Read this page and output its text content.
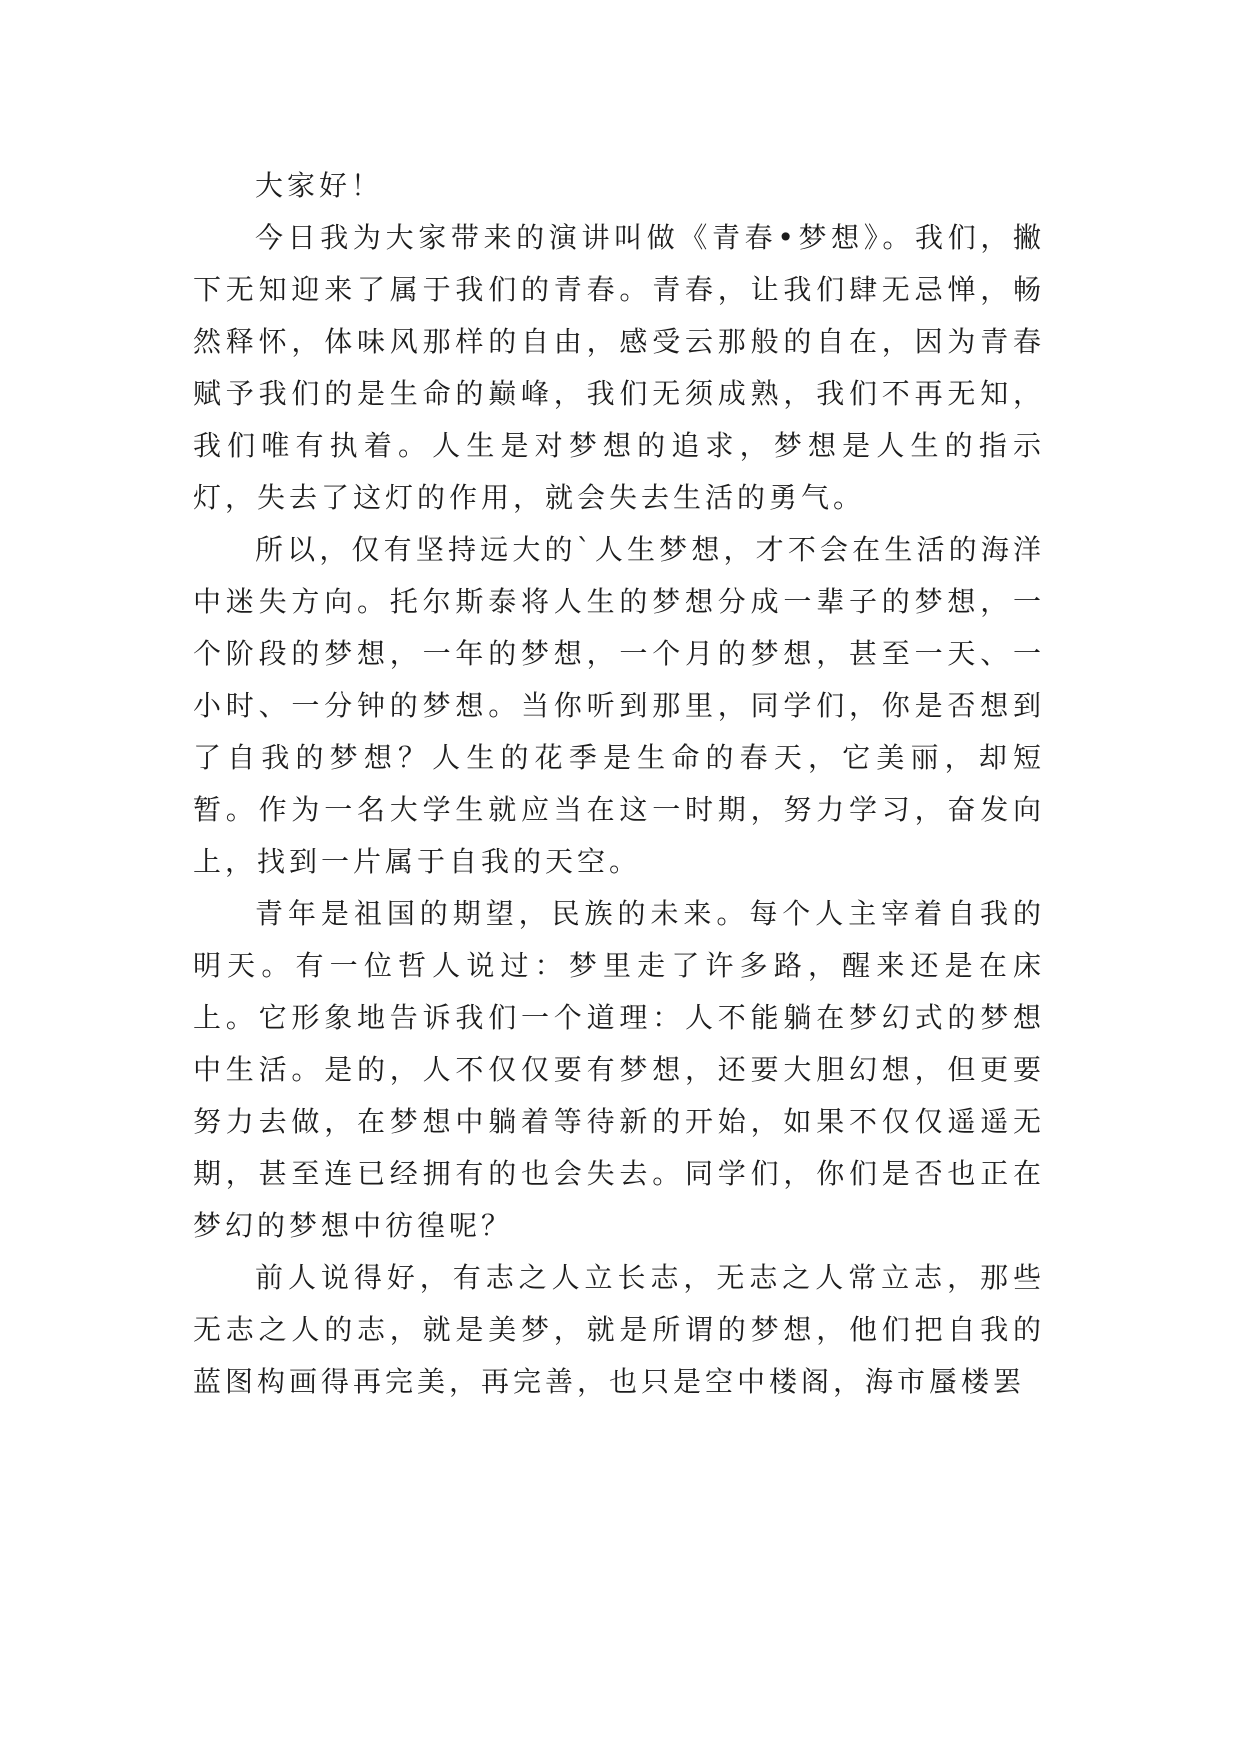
大家好！

今日我为大家带来的演讲叫做《青春•梦想》。我们，撇下无知迎来了属于我们的青春。青春，让我们肆无忌惮，畅然释怀，体味风那样的自由，感受云那般的自在，因为青春赋予我们的是生命的巅峰，我们无须成熟，我们不再无知，我们唯有执着。人生是对梦想的追求，梦想是人生的指示灯，失去了这灯的作用，就会失去生活的勇气。

所以，仅有坚持远大的`人生梦想，才不会在生活的海洋中迷失方向。托尔斯泰将人生的梦想分成一辈子的梦想，一个阶段的梦想，一年的梦想，一个月的梦想，甚至一天、一小时、一分钟的梦想。当你听到那里，同学们，你是否想到了自我的梦想？人生的花季是生命的春天，它美丽，却短暂。作为一名大学生就应当在这一时期，努力学习，奋发向上，找到一片属于自我的天空。

青年是祖国的期望，民族的未来。每个人主宰着自我的明天。有一位哲人说过：梦里走了许多路，醒来还是在床上。它形象地告诉我们一个道理：人不能躺在梦幻式的梦想中生活。是的，人不仅仅要有梦想，还要大胆幻想，但更要努力去做，在梦想中躺着等待新的开始，如果不仅仅遥遥无期，甚至连已经拥有的也会失去。同学们，你们是否也正在梦幻的梦想中彷徨呢？

前人说得好，有志之人立长志，无志之人常立志，那些无志之人的志，就是美梦，就是所谓的梦想，他们把自我的蓝图构画得再完美，再完善，也只是空中楼阁，海市蜃楼罢
